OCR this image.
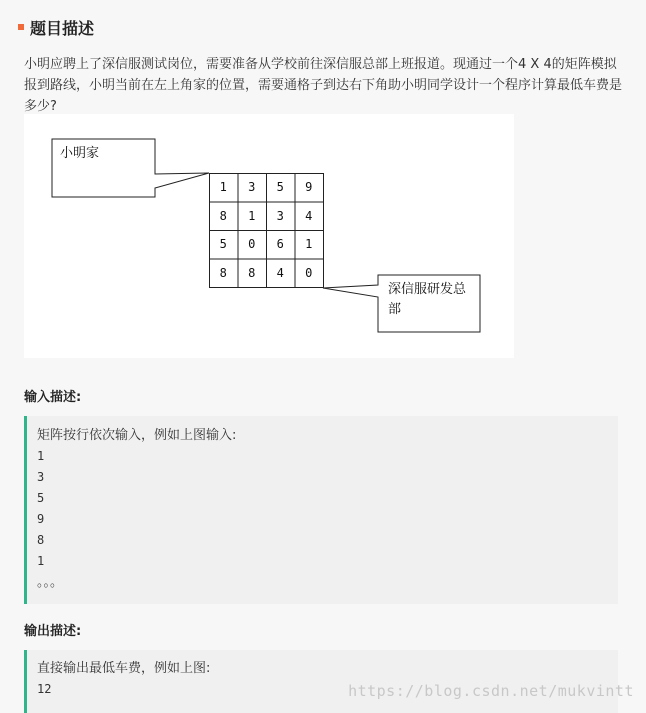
题目描述
小明应聘上了深信服测试岗位，需要准备从学校前往深信服总部上班报道。现通过一个4 X 4的矩阵模拟报到路线，小明当前在左上角家的位置，需要通格子到达右下角助小明同学设计一个程序计算最低车费是多少?
小明家
深信服研发总部
1	3	5	9
8	1	3	4
5	0	6	1
8	8	4	0
输入描述:
矩阵按行依次输入，例如上图输入:
1
3
5
9
8
1
。。。
输出描述:
直接输出最低车费，例如上图:
12	https://blog.csdn.net/mukvintt
